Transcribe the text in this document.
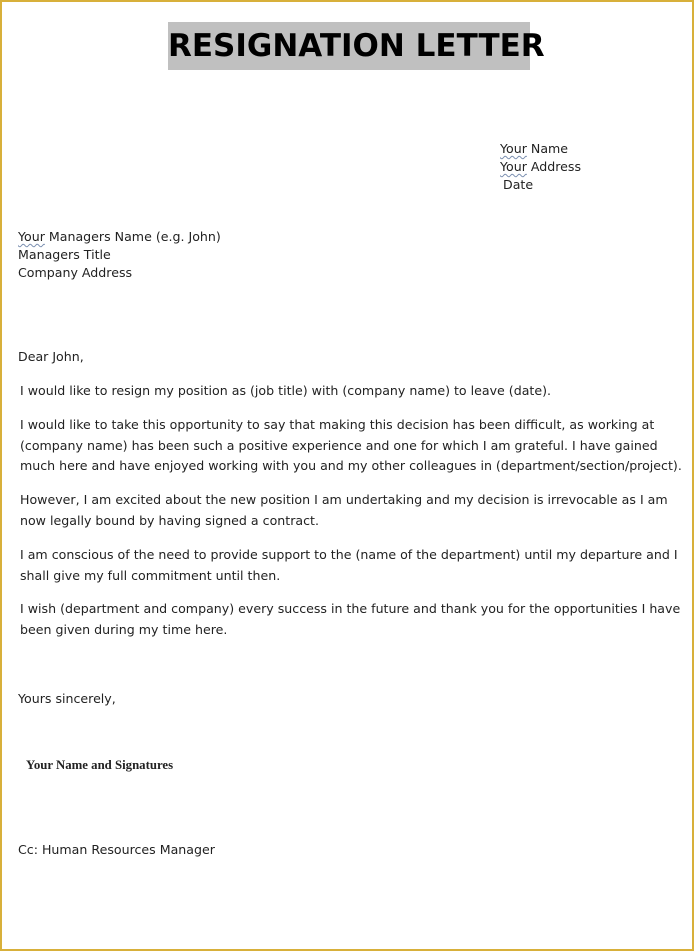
RESIGNATION LETTER
Your Name
Your Address
Date
Your Managers Name (e.g. John)
Managers Title
Company Address
Dear John,

I would like to resign my position as (job title) with (company name) to leave (date).

I would like to take this opportunity to say that making this decision has been difficult, as working at (company name) has been such a positive experience and one for which I am grateful. I have gained much here and have enjoyed working with you and my other colleagues in (department/section/project).

However, I am excited about the new position I am undertaking and my decision is irrevocable as I am now legally bound by having signed a contract.

I am conscious of the need to provide support to the (name of the department) until my departure and I shall give my full commitment until then.

I wish (department and company) every success in the future and thank you for the opportunities I have been given during my time here.

Yours sincerely,
Your Name and Signatures
Cc: Human Resources Manager
